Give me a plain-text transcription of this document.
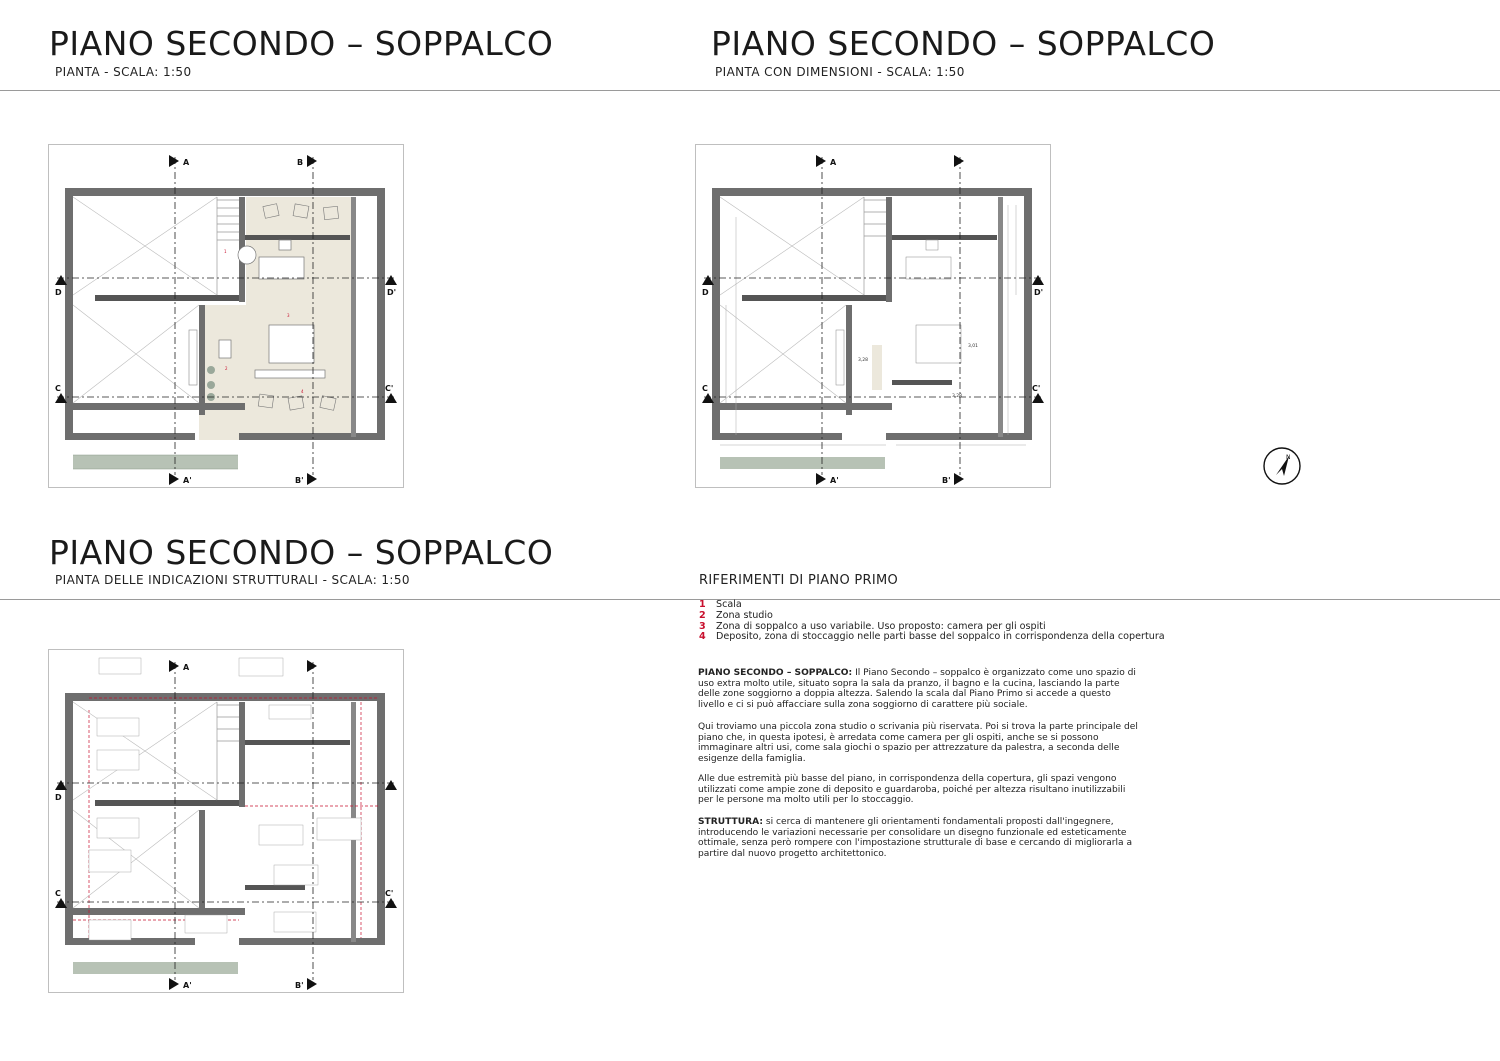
PIANO SECONDO – SOPPALCO
PIANTA - SCALA: 1:50
PIANO SECONDO – SOPPALCO
PIANTA CON DIMENSIONI - SCALA: 1:50
PIANO SECONDO – SOPPALCO
PIANTA DELLE INDICAZIONI STRUTTURALI - SCALA: 1:50	RIFERIMENTI DI PIANO PRIMO
A	B
A'	B'
D	D'
C	C'
1
2
3
4
A
A'	B'
D	D'
C	C'
3,01
3,28
3,28
A
A'	B'
D
C	C'
1 Scala
2 Zona studio
3 Zona di soppalco a uso variabile. Uso proposto: camera per gli ospiti
4 Deposito, zona di stoccaggio nelle parti basse del soppalco in corrispondenza della copertura

PIANO SECONDO – SOPPALCO: Il Piano Secondo – soppalco è organizzato come uno spazio di uso extra molto utile, situato sopra la sala da pranzo, il bagno e la cucina, lasciando la parte delle zone soggiorno a doppia altezza. Salendo la scala dal Piano Primo si accede a questo livello e ci si può affacciare sulla zona soggiorno di carattere più sociale.

Qui troviamo una piccola zona studio o scrivania più riservata. Poi si trova la parte principale del piano che, in questa ipotesi, è arredata come camera per gli ospiti, anche se si possono immaginare altri usi, come sala giochi o spazio per attrezzature da palestra, a seconda delle esigenze della famiglia.

Alle due estremità più basse del piano, in corrispondenza della copertura, gli spazi vengono utilizzati come ampie zone di deposito e guardaroba, poiché per altezza risultano inutilizzabili per le persone ma molto utili per lo stoccaggio.

STRUTTURA: si cerca di mantenere gli orientamenti fondamentali proposti dall'ingegnere, introducendo le variazioni necessarie per consolidare un disegno funzionale ed esteticamente ottimale, senza però rompere con l'impostazione strutturale di base e cercando di migliorarla a partire dal nuovo progetto architettonico.

N
